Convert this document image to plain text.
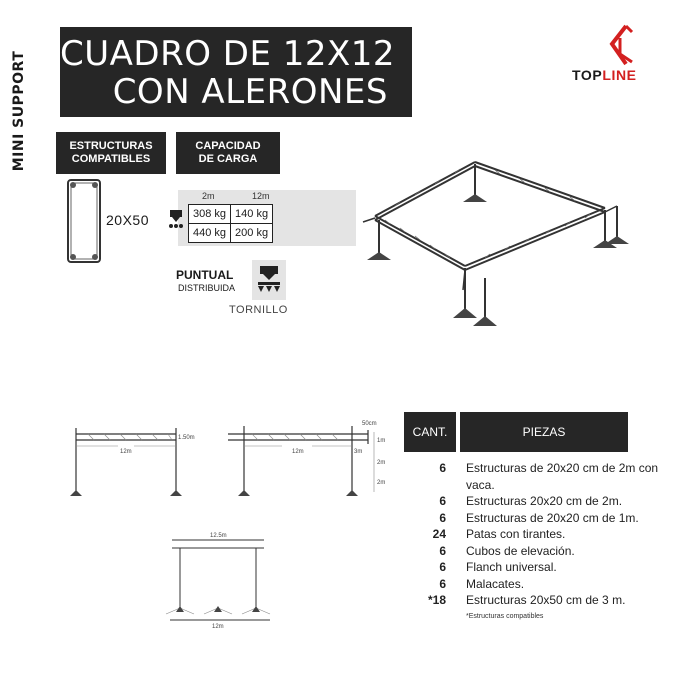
MINI SUPPORT CUADRO DE 12X12
CON ALERONES	TOPLINE
ESTRUCTURAS
COMPATIBLES
CAPACIDAD
DE CARGA
20X50
2m	12m
308 kg	140 kg
440 kg	200 kg
PUNTUAL
DISTRIBUIDA
TORNILLO
12m
1.50m
50cm
12m	3m
1m
2m
2m
12.5m
12m
CANT.	PIEZAS
6	Estructuras de 20x20 cm de 2m con vaca.
6	Estructuras 20x20 cm de 2m.
6	Estructuras de 20x20 cm de 1m.
24	Patas con tirantes.
6	Cubos de elevación.
6	Flanch universal.
6	Malacates.
*18	Estructuras 20x50 cm de 3 m.
*Estructuras compatibles
